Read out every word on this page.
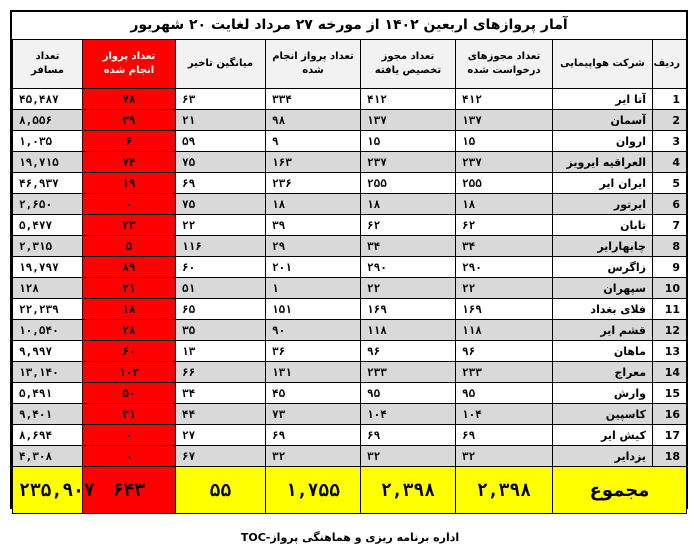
آمار پروازهای اربعین ۱۴۰۲ از مورخه ۲۷ مرداد لغایت ۲۰ شهریور
ردیف	شرکت هواپیمایی	تعداد مجوزهای درخواست شده	تعداد مجوز تخصیص یافته	تعداد پرواز انجام شده	میانگین تاخیر	تعداد پرواز انجام شده	تعداد مسافر
1	آتا ایر	۴۱۲	۴۱۲	۳۳۴	۶۳	۷۸	۴۵,۴۸۷
2	آسمان	۱۳۷	۱۳۷	۹۸	۲۱	۳۹	۸,۵۵۶
3	اروان	۱۵	۱۵	۹	۵۹	۶	۱,۰۳۵
4	العراقیه ایرویز	۲۳۷	۲۳۷	۱۶۳	۷۵	۷۴	۱۹,۷۱۵
5	ایران ایر	۲۵۵	۲۵۵	۲۳۶	۶۹	۱۹	۴۶,۹۳۷
6	ایرتور	۱۸	۱۸	۱۸	۷۵	۰	۲,۶۵۰
7	تابان	۶۲	۶۲	۳۹	۲۲	۲۳	۵,۴۷۷
8	چابهارایر	۳۴	۳۴	۲۹	۱۱۶	۵	۲,۳۱۵
9	زاگرس	۲۹۰	۲۹۰	۲۰۱	۶۰	۸۹	۱۹,۷۹۷
10	سپهران	۲۲	۲۲	۱	۵۱	۲۱	۱۲۸
11	فلای بغداد	۱۶۹	۱۶۹	۱۵۱	۶۵	۱۸	۲۲,۲۳۹
12	قشم ایر	۱۱۸	۱۱۸	۹۰	۳۵	۲۸	۱۰,۵۴۰
13	ماهان	۹۶	۹۶	۳۶	۱۳	۶۰	۹,۹۹۷
14	معراج	۲۳۳	۲۳۳	۱۳۱	۶۶	۱۰۲	۱۳,۱۴۰
15	وارش	۹۵	۹۵	۴۵	۳۴	۵۰	۵,۴۹۱
16	کاسپین	۱۰۴	۱۰۴	۷۳	۴۴	۳۱	۹,۴۰۱
17	کیش ایر	۶۹	۶۹	۶۹	۲۷	۰	۸,۶۹۴
18	یزدایر	۳۲	۳۲	۳۲	۶۷	۰	۴,۳۰۸
مجموع		۲,۳۹۸	۲,۳۹۸	۱,۷۵۵	۵۵	۶۴۳	۲۳۵,۹۰۷
اداره برنامه ریزی و هماهنگی پرواز-TOC
